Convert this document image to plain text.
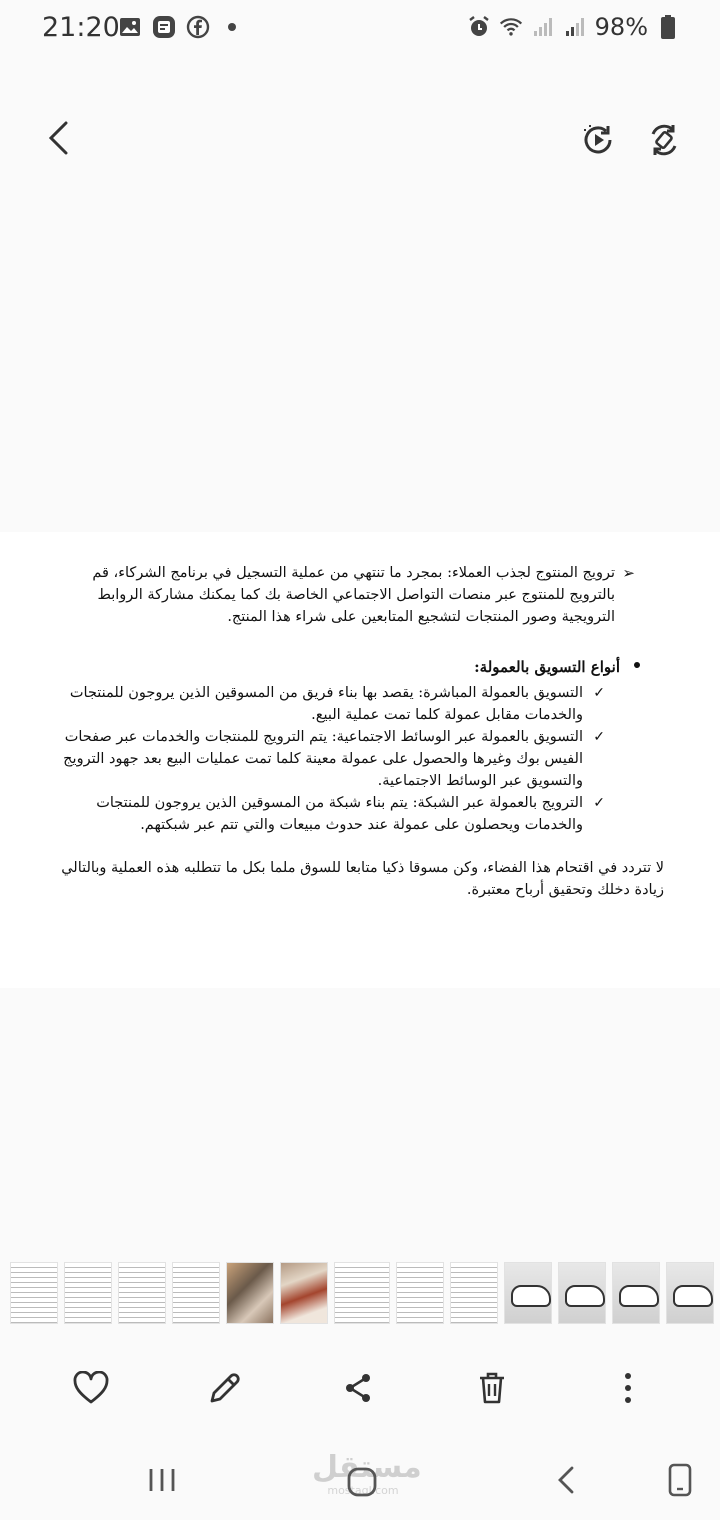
21:20	98%
➢
ترويج المنتوج لجذب العملاء: بمجرد ما تنتهي من عملية التسجيل في برنامج الشركاء، قم بالترويج للمنتوج عبر منصات التواصل الاجتماعي الخاصة بك كما يمكنك مشاركة الروابط الترويجية وصور المنتجات لتشجيع المتابعين على شراء هذا المنتج.
أنواع التسويق بالعمولة:

✓
التسويق بالعمولة المباشرة: يقصد بها بناء فريق من المسوقين الذين يروجون للمنتجات والخدمات مقابل عمولة كلما تمت عملية البيع.

✓
التسويق بالعمولة عبر الوسائط الاجتماعية: يتم الترويج للمنتجات والخدمات عبر صفحات الفيس بوك وغيرها والحصول على عمولة معينة كلما تمت عمليات البيع بعد جهود الترويج والتسويق عبر الوسائط الاجتماعية.

✓
الترويج بالعمولة عبر الشبكة: يتم بناء شبكة من المسوقين الذين يروجون للمنتجات والخدمات ويحصلون على عمولة عند حدوث مبيعات والتي تتم عبر شبكتهم.

لا تتردد في اقتحام هذا الفضاء، وكن مسوقا ذكيا متابعا للسوق ملما بكل ما تتطلبه هذه العملية وبالتالي زيادة دخلك وتحقيق أرباح معتبرة.
مستقل
mostaql.com
